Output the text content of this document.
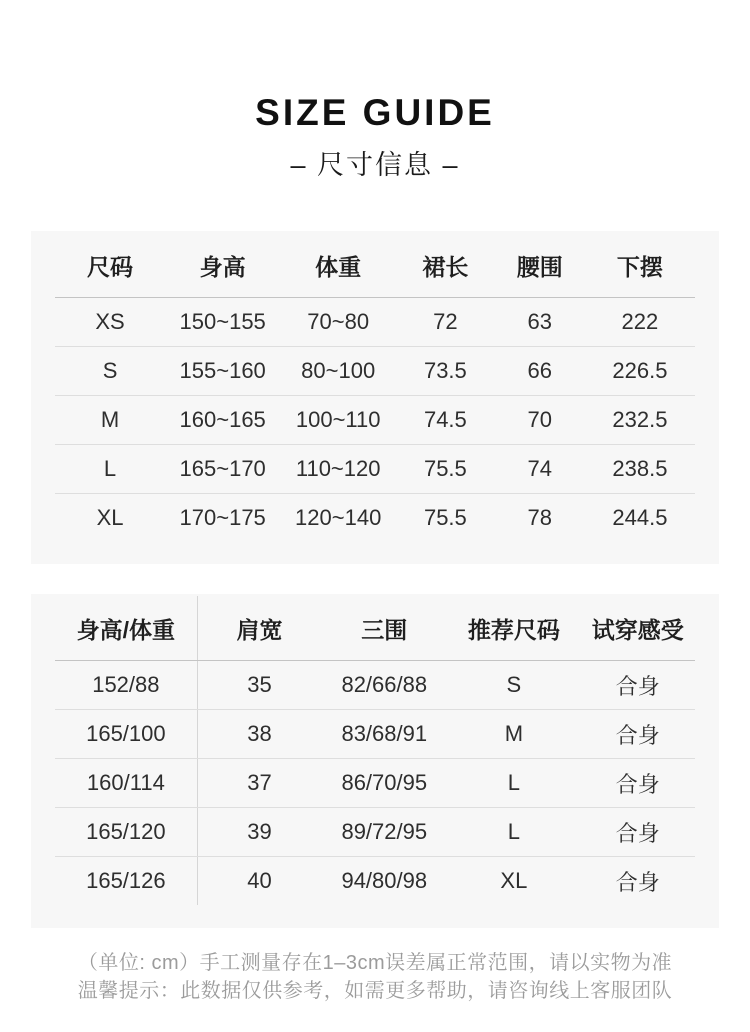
SIZE GUIDE
– 尺寸信息 –
尺码	身高	体重	裙长	腰围	下摆
XS	150~155	70~80	72	63	222
S	155~160	80~100	73.5	66	226.5
M	160~165	100~110	74.5	70	232.5
L	165~170	110~120	75.5	74	238.5
XL	170~175	120~140	75.5	78	244.5
身高/体重	肩宽	三围	推荐尺码	试穿感受
152/88	35	82/66/88	S	合身
165/100	38	83/68/91	M	合身
160/114	37	86/70/95	L	合身
165/120	39	89/72/95	L	合身
165/126	40	94/80/98	XL	合身
（单位: cm）手工测量存在1–3cm误差属正常范围，请以实物为准
温馨提示：此数据仅供参考，如需更多帮助，请咨询线上客服团队
